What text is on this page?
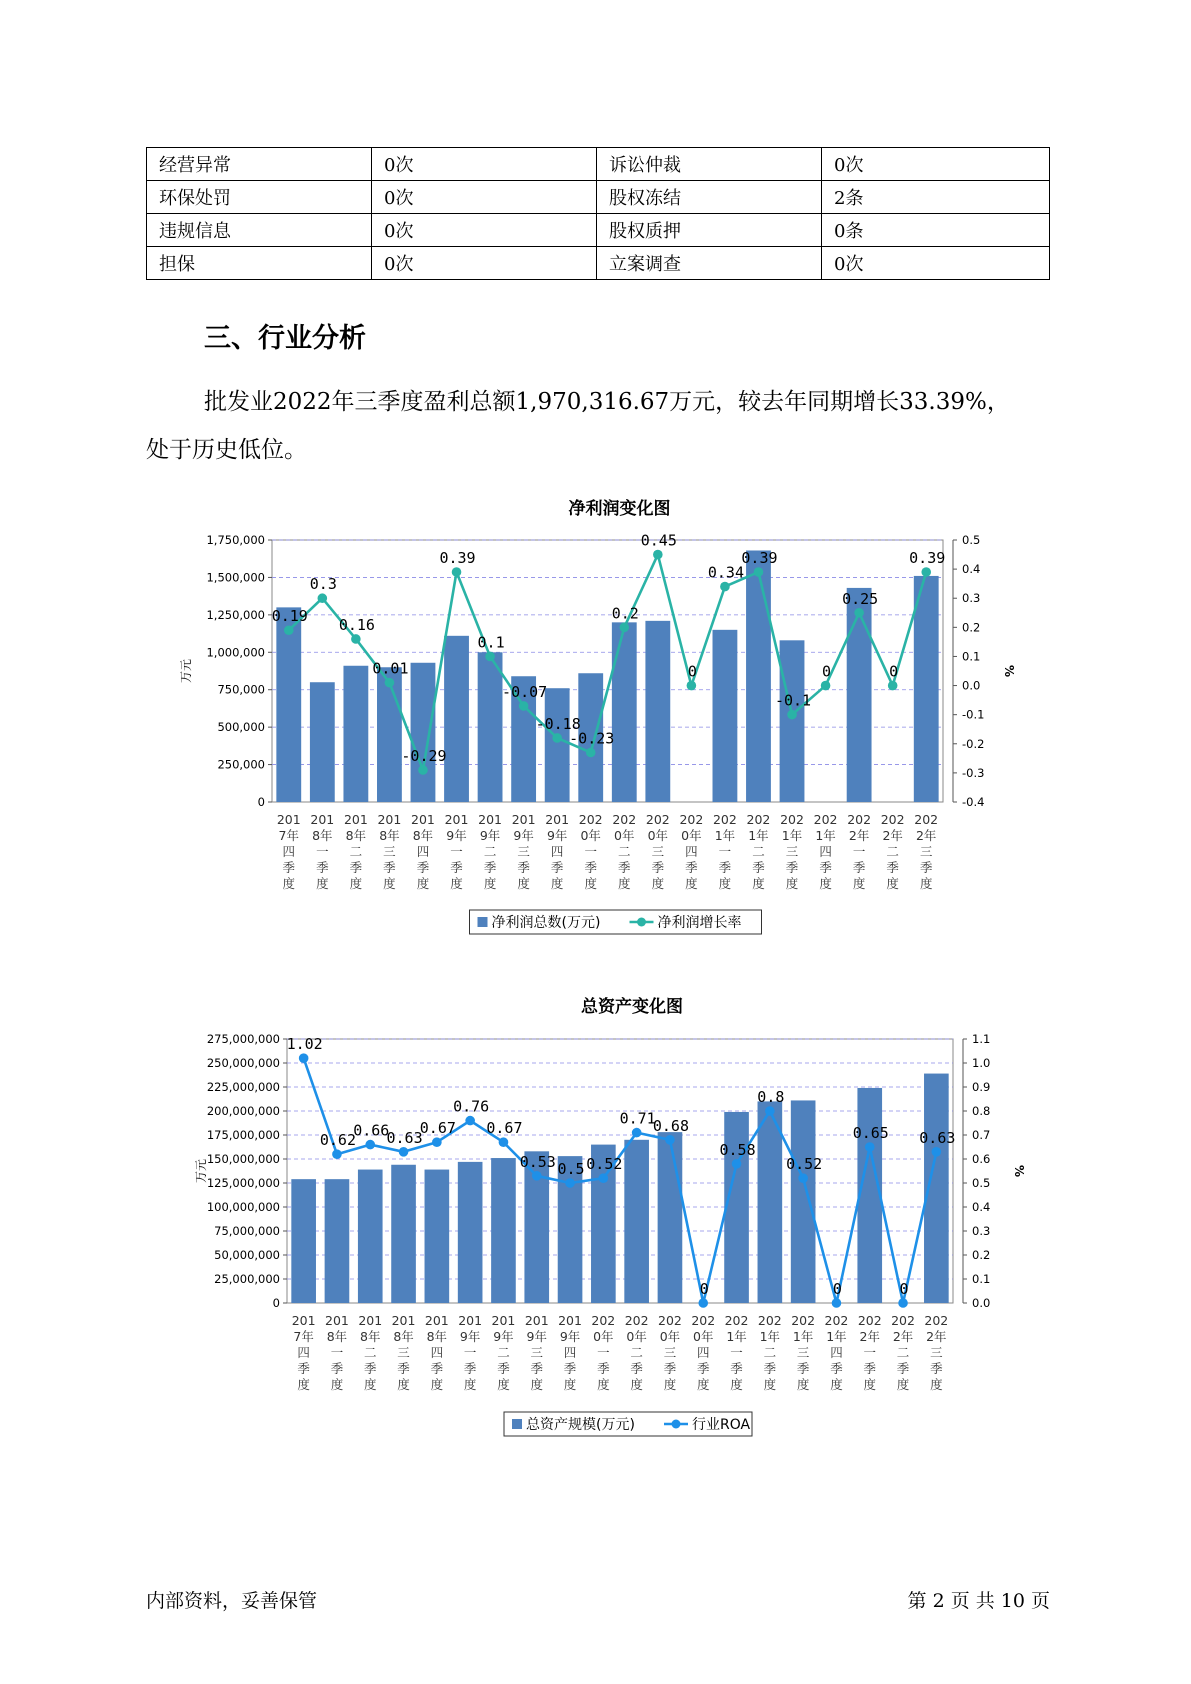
经营异常	0次	诉讼仲裁	0次
环保处罚	0次	股权冻结	2条
违规信息	0次	股权质押	0条
担保	0次	立案调查	0次
三、行业分析

批发业2022年三季度盈利总额1,970,316.67万元，较去年同期增长33.39%，处于历史低位。

净利润变化图
0
250,000
500,000
750,000
1,000,000
1,250,000
1,500,000
1,750,000
-0.4
-0.3
-0.2
-0.1
0.0
0.1
0.2
0.3
0.4
0.5
万元	%
0.19
0.3
0.16
0.01
-0.29
0.39
0.1
-0.07
-0.18
-0.23
0.2
0.45
0
0.34
0.39
-0.1
0
0.25
0
0.39
201 7年四季度
201 8年一季度
201 8年二季度
201 8年三季度
201 8年四季度
201 9年一季度
201 9年二季度
201 9年三季度
201 9年四季度
202 0年一季度
202 0年二季度
202 0年三季度
202 0年四季度
202 1年一季度
202 1年二季度
202 1年三季度
202 1年四季度
202 2年一季度
202 2年二季度
202 2年三季度
净利润总数(万元)	净利润增长率
总资产变化图
0
25,000,000
50,000,000
75,000,000
100,000,000
125,000,000
150,000,000
175,000,000
200,000,000
225,000,000
250,000,000
275,000,000
0.0
0.1
0.2
0.3
0.4
0.5
0.6
0.7
0.8
0.9
1.0
1.1
万元	%
1.02
0.62
0.66
0.63
0.67
0.76
0.67
0.53 0.5 0.52
0.71
0.68
0
0.58
0.8
0.52
0
0.65
0
0.63
201 7年四季度
201 8年一季度
201 8年二季度
201 8年三季度
201 8年四季度
201 9年一季度
201 9年二季度
201 9年三季度
201 9年四季度
202 0年一季度
202 0年二季度
202 0年三季度
202 0年四季度
202 1年一季度
202 1年二季度
202 1年三季度
202 1年四季度
202 2年一季度
202 2年二季度
202 2年三季度
总资产规模(万元)	行业ROA
内部资料，妥善保管	第 2 页 共 10 页
